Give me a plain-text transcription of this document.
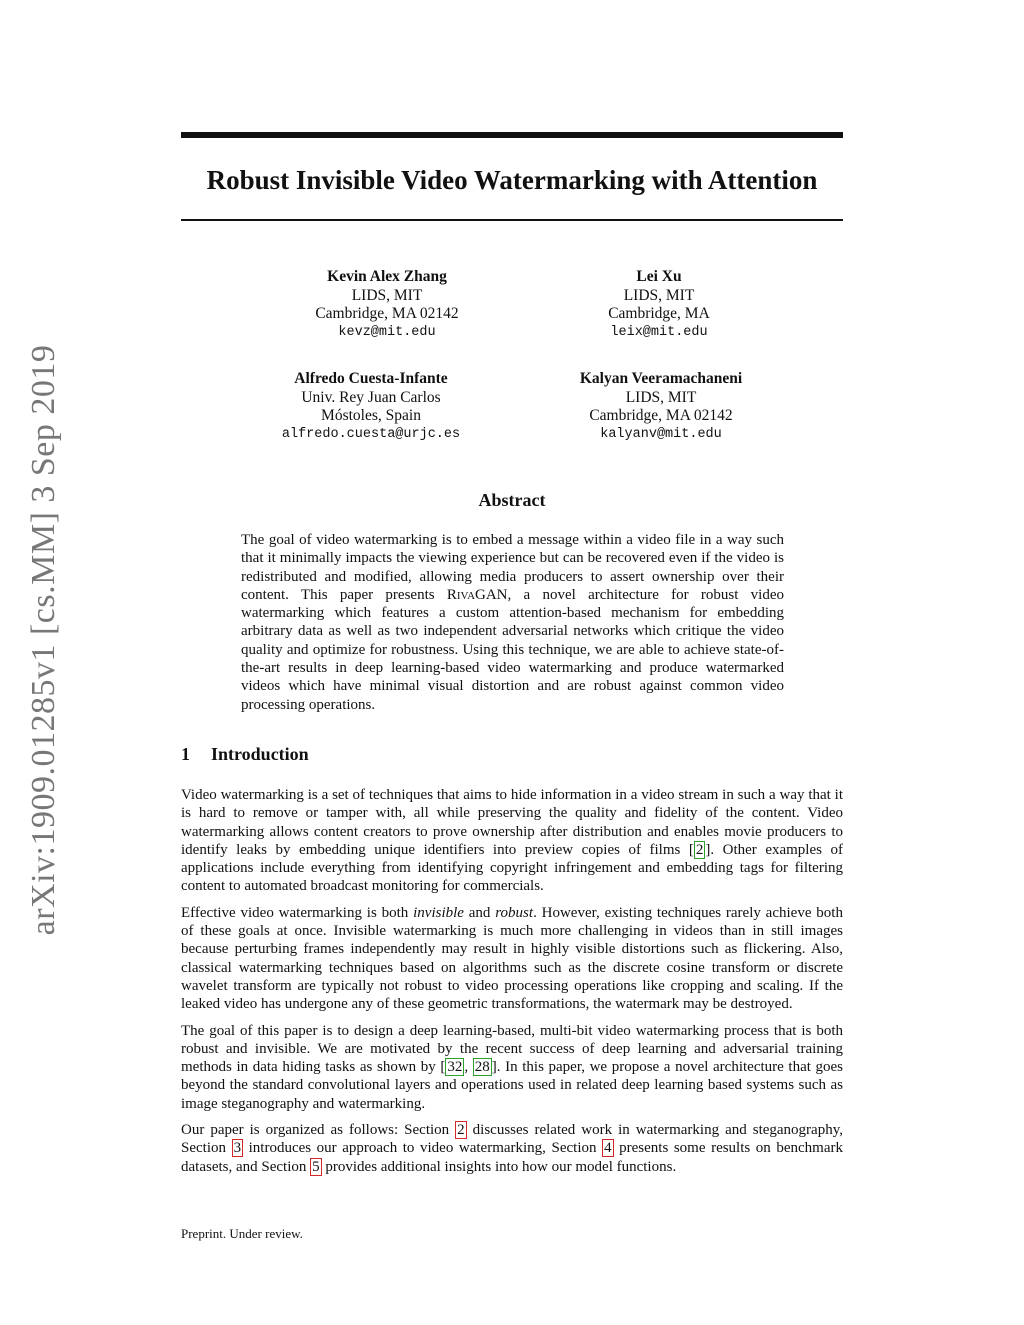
arXiv:1909.01285v1 [cs.MM] 3 Sep 2019
Robust Invisible Video Watermarking with Attention
Kevin Alex Zhang
LIDS, MIT
Cambridge, MA 02142
kevz@mit.edu
Lei Xu
LIDS, MIT
Cambridge, MA
leix@mit.edu
Alfredo Cuesta-Infante
Univ. Rey Juan Carlos
Móstoles, Spain
alfredo.cuesta@urjc.es
Kalyan Veeramachaneni
LIDS, MIT
Cambridge, MA 02142
kalyanv@mit.edu
Abstract
The goal of video watermarking is to embed a message within a video file in a way such that it minimally impacts the viewing experience but can be recovered even if the video is redistributed and modified, allowing media producers to assert ownership over their content. This paper presents RivaGAN, a novel architecture for robust video watermarking which features a custom attention-based mechanism for embedding arbitrary data as well as two independent adversarial networks which critique the video quality and optimize for robustness. Using this technique, we are able to achieve state-of-the-art results in deep learning-based video watermarking and produce watermarked videos which have minimal visual distortion and are robust against common video processing operations.
1 Introduction

Video watermarking is a set of techniques that aims to hide information in a video stream in such a way that it is hard to remove or tamper with, all while preserving the quality and fidelity of the content. Video watermarking allows content creators to prove ownership after distribution and enables movie producers to identify leaks by embedding unique identifiers into preview copies of films [ 2 ]. Other examples of applications include everything from identifying copyright infringement and embedding tags for filtering content to automated broadcast monitoring for commercials.

Effective video watermarking is both invisible and robust. However, existing techniques rarely achieve both of these goals at once. Invisible watermarking is much more challenging in videos than in still images because perturbing frames independently may result in highly visible distortions such as flickering. Also, classical watermarking techniques based on algorithms such as the discrete cosine transform or discrete wavelet transform are typically not robust to video processing operations like cropping and scaling. If the leaked video has undergone any of these geometric transformations, the watermark may be destroyed.

The goal of this paper is to design a deep learning-based, multi-bit video watermarking process that is both robust and invisible. We are motivated by the recent success of deep learning and adversarial training methods in data hiding tasks as shown by [ 32 , 28 ]. In this paper, we propose a novel architecture that goes beyond the standard convolutional layers and operations used in related deep learning based systems such as image steganography and watermarking.

Our paper is organized as follows: Section 2 discusses related work in watermarking and steganography, Section 3 introduces our approach to video watermarking, Section 4 presents some results on benchmark datasets, and Section 5 provides additional insights into how our model functions.

Preprint. Under review.
